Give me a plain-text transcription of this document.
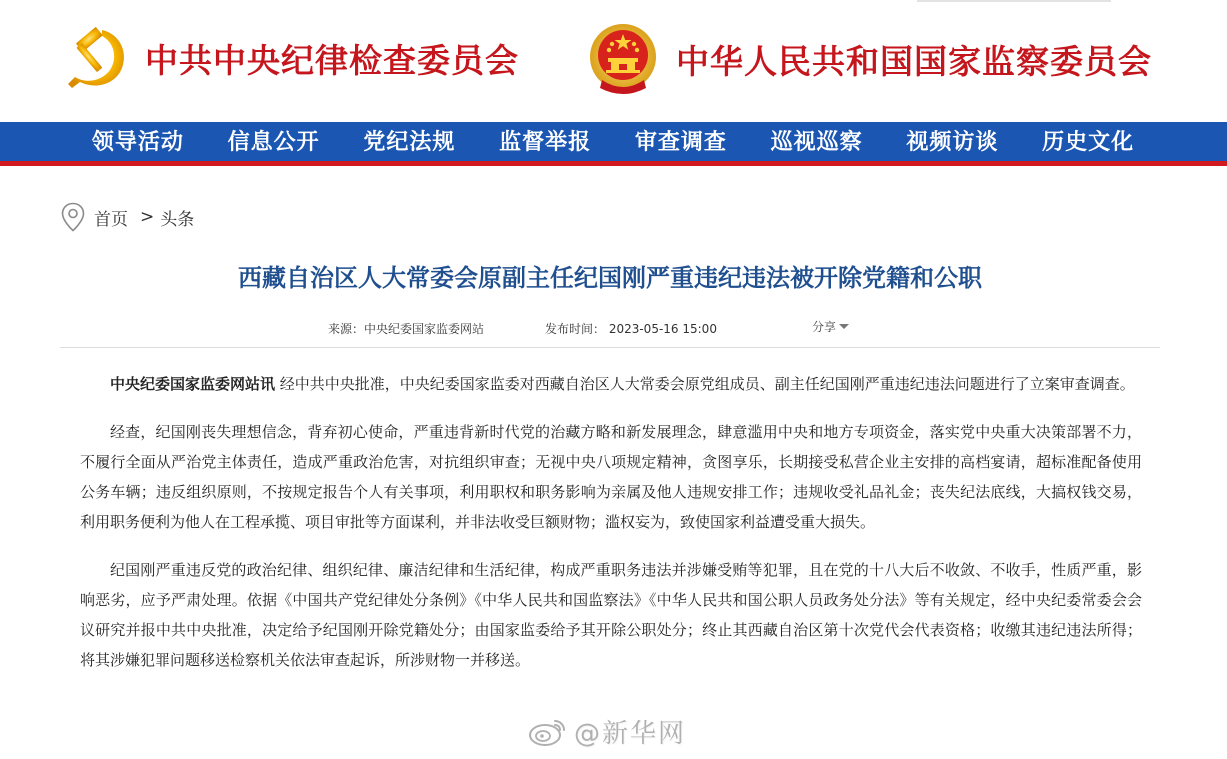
中共中央纪律检查委员会	中华人民共和国国家监察委员会
领导活动	信息公开	党纪法规	监督举报	审查调查	巡视巡察	视频访谈	历史文化
首页 > 头条
西藏自治区人大常委会原副主任纪国刚严重违纪违法被开除党籍和公职
来源：中央纪委国家监委网站	发布时间： 2023-05-16 15:00	分享

中央纪委国家监委网站讯 经中共中央批准，中央纪委国家监委对西藏自治区人大常委会原党组成员、副主任纪国刚严重违纪违法问题进行了立案审查调查。

经查，纪国刚丧失理想信念，背弃初心使命，严重违背新时代党的治藏方略和新发展理念，肆意滥用中央和地方专项资金，落实党中央重大决策部署不力，不履行全面从严治党主体责任，造成严重政治危害，对抗组织审查；无视中央八项规定精神，贪图享乐，长期接受私营企业主安排的高档宴请，超标准配备使用公务车辆；违反组织原则，不按规定报告个人有关事项，利用职权和职务影响为亲属及他人违规安排工作；违规收受礼品礼金；丧失纪法底线，大搞权钱交易，利用职务便利为他人在工程承揽、项目审批等方面谋利，并非法收受巨额财物；滥权妄为，致使国家利益遭受重大损失。

纪国刚严重违反党的政治纪律、组织纪律、廉洁纪律和生活纪律，构成严重职务违法并涉嫌受贿等犯罪，且在党的十八大后不收敛、不收手，性质严重，影响恶劣，应予严肃处理。依据《中国共产党纪律处分条例》《中华人民共和国监察法》《中华人民共和国公职人员政务处分法》等有关规定，经中央纪委常委会会议研究并报中共中央批准，决定给予纪国刚开除党籍处分；由国家监委给予其开除公职处分；终止其西藏自治区第十次党代会代表资格；收缴其违纪违法所得；将其涉嫌犯罪问题移送检察机关依法审查起诉，所涉财物一并移送。

@新华网
